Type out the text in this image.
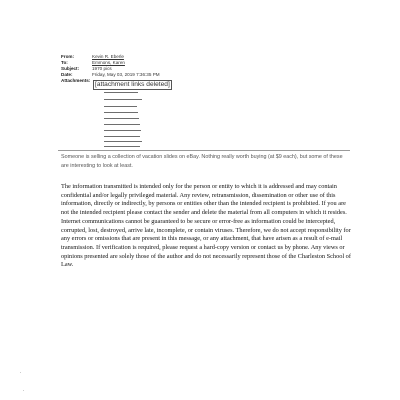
From:	Kevin R. Eberle
To:	Emmons, Karen
Subject:	1970 pics
Date:	Friday, May 03, 2019 7:36:35 PM
Attachments:
[attachment links deleted]
Someone is selling a collection of vacation slides on eBay. Nothing really worth buying (at $9 each), but some of these are interesting to look at least.
The information transmitted is intended only for the person or entity to which it is addressed and may contain confidential and/or legally privileged material. Any review, retransmission, dissemination or other use of this information, directly or indirectly, by persons or entities other than the intended recipient is prohibited. If you are not the intended recipient please contact the sender and delete the material from all computers in which it resides. Internet communications cannot be guaranteed to be secure or error-free as information could be intercepted, corrupted, lost, destroyed, arrive late, incomplete, or contain viruses. Therefore, we do not accept responsibility for any errors or omissions that are present in this message, or any attachment, that have arisen as a result of e-mail transmission. If verification is required, please request a hard-copy version or contact us by phone. Any views or opinions presented are solely those of the author and do not necessarily represent those of the Charleston School of Law.
